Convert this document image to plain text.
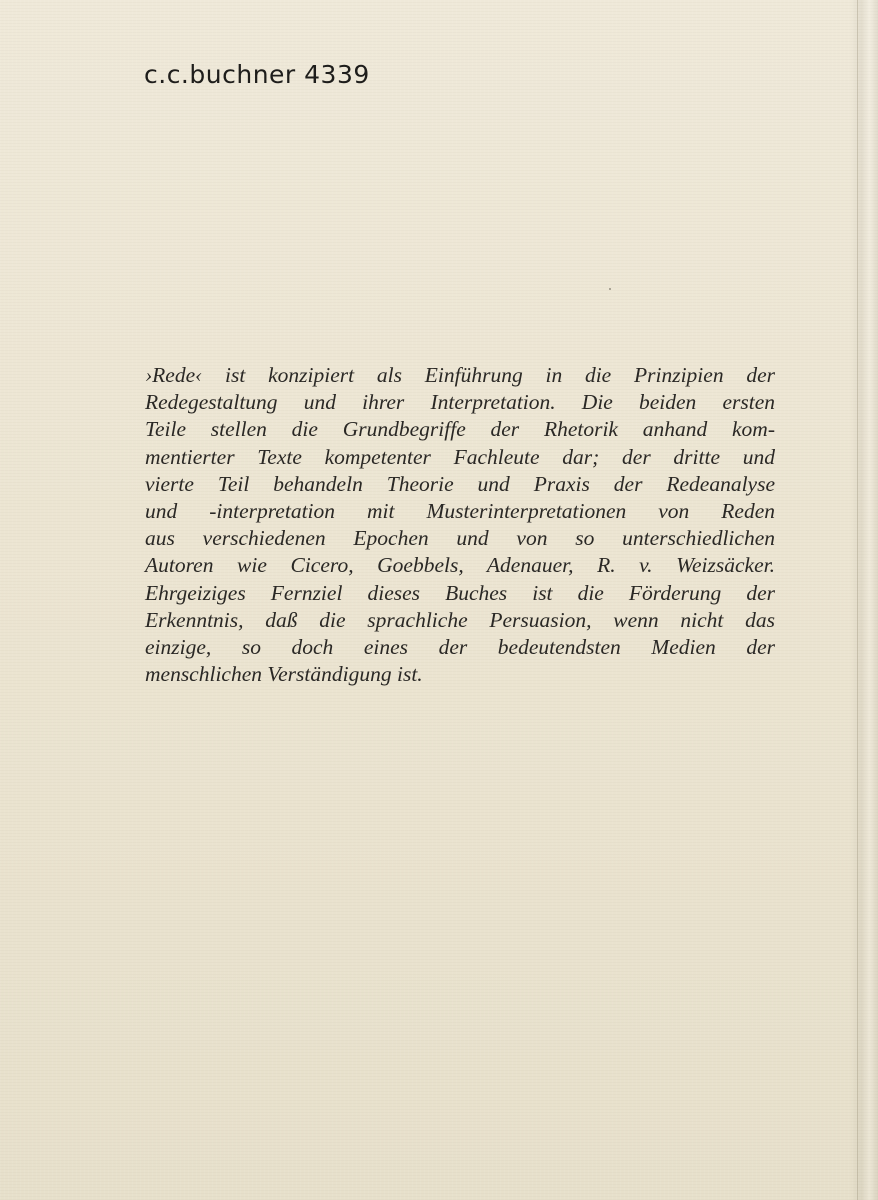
c.c.buchner 4339

›Rede‹ ist konzipiert als Einführung in die Prinzipien der
Redegestaltung und ihrer Interpretation. Die beiden ersten
Teile stellen die Grundbegriffe der Rhetorik anhand kom-
mentierter Texte kompetenter Fachleute dar; der dritte und
vierte Teil behandeln Theorie und Praxis der Redeanalyse
und -interpretation mit Musterinterpretationen von Reden
aus verschiedenen Epochen und von so unterschiedlichen
Autoren wie Cicero, Goebbels, Adenauer, R. v. Weizsäcker.
Ehrgeiziges Fernziel dieses Buches ist die Förderung der
Erkenntnis, daß die sprachliche Persuasion, wenn nicht das
einzige, so doch eines der bedeutendsten Medien der
menschlichen Verständigung ist.
